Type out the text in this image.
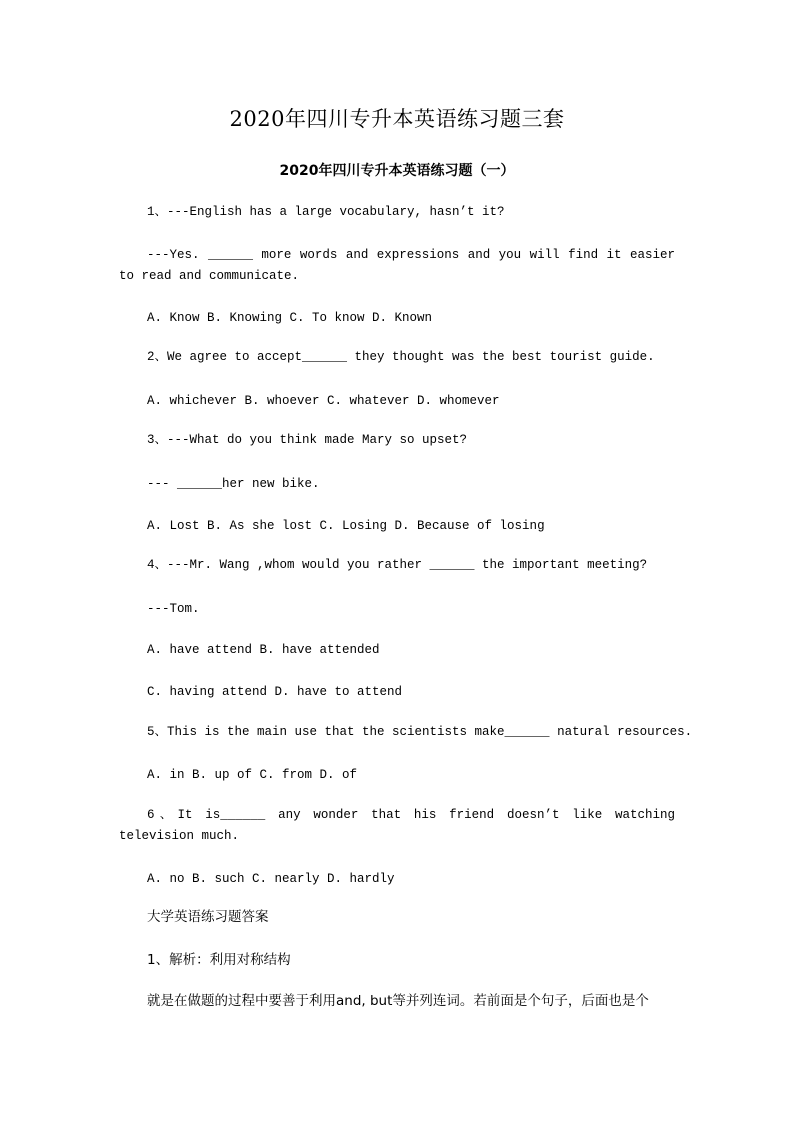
2020年四川专升本英语练习题三套
2020年四川专升本英语练习题（一）
1、---English has a large vocabulary, hasn’t it?
---Yes. ______ more words and expressions and you will find it easier to read and communicate.
A. Know B. Knowing C. To know D. Known
2、We agree to accept______ they thought was the best tourist guide.
A. whichever B. whoever C. whatever D. whomever
3、---What do you think made Mary so upset?
--- ______her new bike.
A. Lost B. As she lost C. Losing D. Because of losing
4、---Mr. Wang ,whom would you rather ______ the important meeting?
---Tom.
A. have attend B. have attended
C. having attend D. have to attend
5、This is the main use that the scientists make______ natural resources.
A. in B. up of C. from D. of
6、It is______ any wonder that his friend doesn’t like watching television much.
A. no B. such C. nearly D. hardly
大学英语练习题答案
1、解析：利用对称结构
就是在做题的过程中要善于利用and, but等并列连词。若前面是个句子，后面也是个
